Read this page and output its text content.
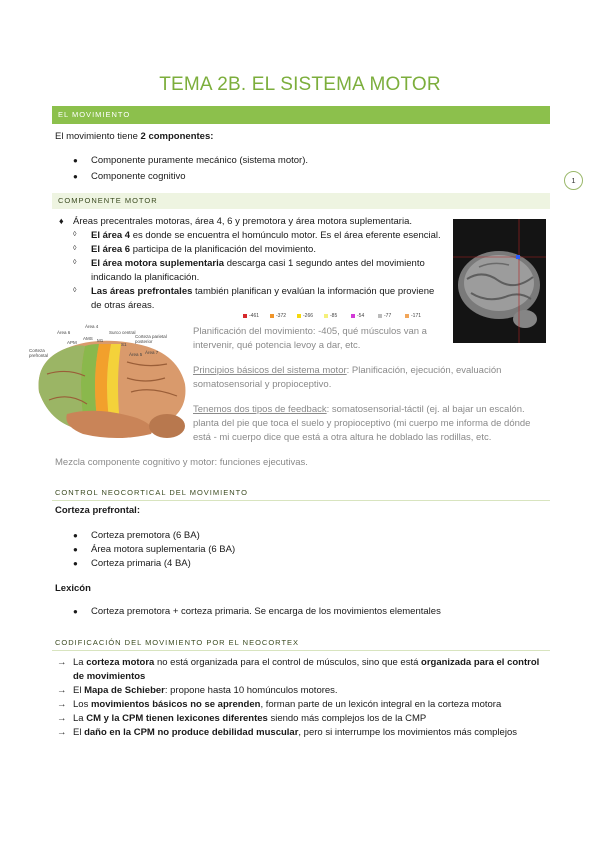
TEMA 2B. EL SISTEMA MOTOR
1
EL MOVIMIENTO
El movimiento tiene 2 componentes:
● Componente puramente mecánico (sistema motor).
● Componente cognitivo
COMPONENTE MOTOR
♦ Áreas precentrales motoras, área 4, 6 y premotora y área motora suplementaria.
◊ El área 4 es donde se encuentra el homúnculo motor. Es el área eferente esencial.
◊ El área 6 participa de la planificación del movimiento.
◊ El área motora suplementaria descarga casi 1 segundo antes del movimiento
indicando la planificación.
◊ Las áreas prefrontales también planifican y evalúan la información que proviene
de otras áreas.
-461	-372	-266	-85	-54	-77	-171
Área 4
Área 6	Surco central
Corteza parietal posterior
Corteza prefrontal
APM
AMS M1
S1
Área 7
Área 5
Planificación del movimiento: -405, qué músculos van a
intervenir, qué potencia levoy a dar, etc.
Principios básicos del sistema motor: Planificación, ejecución, evaluación
somatosensorial y propioceptivo.
Tenemos dos tipos de feedback: somatosensorial-táctil (ej. al bajar un escalón.
planta del pie que toca el suelo y propioceptivo (mi cuerpo me informa de dónde
está - mi cuerpo dice que está a otra altura he doblado las rodillas, etc.
Mezcla componente cognitivo y motor: funciones ejecutivas.
CONTROL NEOCORTICAL DEL MOVIMIENTO
Corteza prefrontal:
● Corteza premotora (6 BA)
● Área motora suplementaria (6 BA)
● Corteza primaria (4 BA)
Lexicón
● Corteza premotora + corteza primaria. Se encarga de los movimientos elementales
CODIFICACIÓN DEL MOVIMIENTO POR EL NEOCORTEX
→ La corteza motora no está organizada para el control de músculos, sino que está organizada para el control
de movimientos
→ El Mapa de Schieber: propone hasta 10 homúnculos motores.
→ Los movimientos básicos no se aprenden, forman parte de un lexicón integral en la corteza motora
→ La CM y la CPM tienen lexicones diferentes siendo más complejos los de la CMP
→ El daño en la CPM no produce debilidad muscular, pero si interrumpe los movimientos más complejos
